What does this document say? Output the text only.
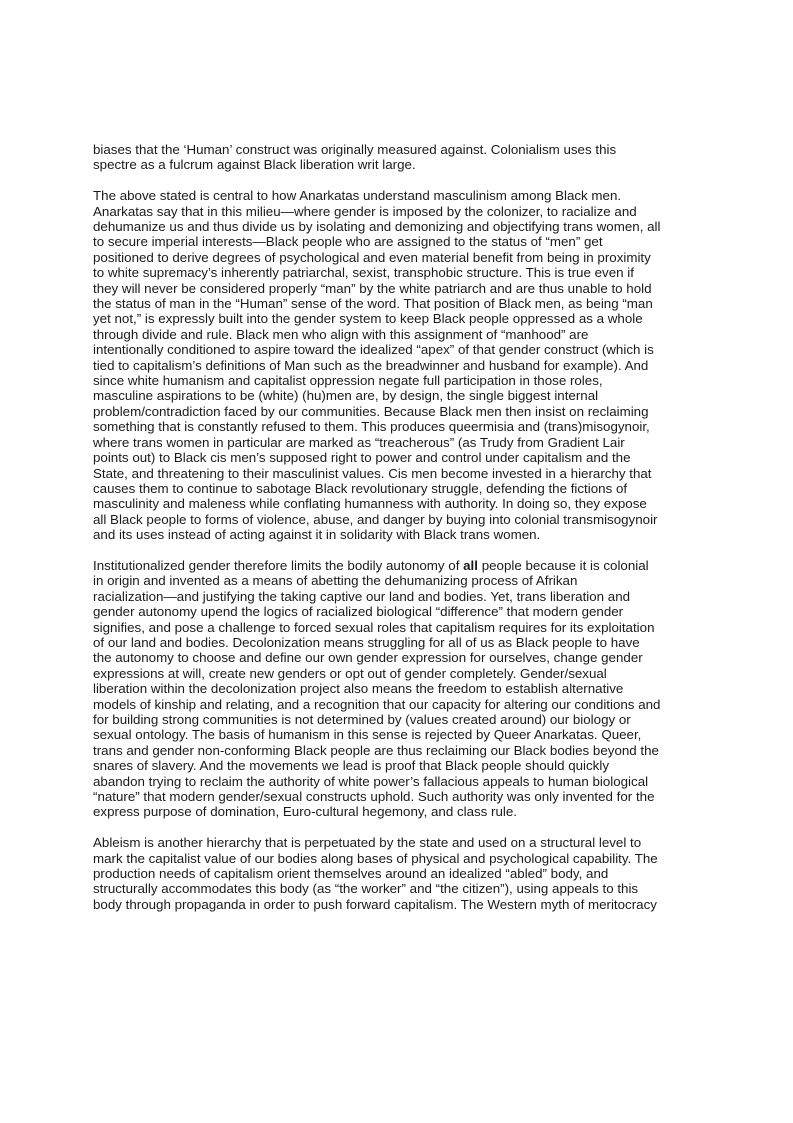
biases that the ‘Human’ construct was originally measured against. Colonialism uses this
spectre as a fulcrum against Black liberation writ large.

The above stated is central to how Anarkatas understand masculinism among Black men.
Anarkatas say that in this milieu—where gender is imposed by the colonizer, to racialize and
dehumanize us and thus divide us by isolating and demonizing and objectifying trans women, all
to secure imperial interests—Black people who are assigned to the status of “men” get
positioned to derive degrees of psychological and even material benefit from being in proximity
to white supremacy’s inherently patriarchal, sexist, transphobic structure. This is true even if
they will never be considered properly “man” by the white patriarch and are thus unable to hold
the status of man in the “Human” sense of the word. That position of Black men, as being “man
yet not,” is expressly built into the gender system to keep Black people oppressed as a whole
through divide and rule. Black men who align with this assignment of “manhood” are
intentionally conditioned to aspire toward the idealized “apex” of that gender construct (which is
tied to capitalism’s definitions of Man such as the breadwinner and husband for example). And
since white humanism and capitalist oppression negate full participation in those roles,
masculine aspirations to be (white) (hu)men are, by design, the single biggest internal
problem/contradiction faced by our communities. Because Black men then insist on reclaiming
something that is constantly refused to them. This produces queermisia and (trans)misogynoir,
where trans women in particular are marked as “treacherous” (as Trudy from Gradient Lair
points out) to Black cis men’s supposed right to power and control under capitalism and the
State, and threatening to their masculinist values. Cis men become invested in a hierarchy that
causes them to continue to sabotage Black revolutionary struggle, defending the fictions of
masculinity and maleness while conflating humanness with authority. In doing so, they expose
all Black people to forms of violence, abuse, and danger by buying into colonial transmisogynoir
and its uses instead of acting against it in solidarity with Black trans women.

Institutionalized gender therefore limits the bodily autonomy of all people because it is colonial
in origin and invented as a means of abetting the dehumanizing process of Afrikan
racialization—and justifying the taking captive our land and bodies. Yet, trans liberation and
gender autonomy upend the logics of racialized biological “difference” that modern gender
signifies, and pose a challenge to forced sexual roles that capitalism requires for its exploitation
of our land and bodies. Decolonization means struggling for all of us as Black people to have
the autonomy to choose and define our own gender expression for ourselves, change gender
expressions at will, create new genders or opt out of gender completely. Gender/sexual
liberation within the decolonization project also means the freedom to establish alternative
models of kinship and relating, and a recognition that our capacity for altering our conditions and
for building strong communities is not determined by (values created around) our biology or
sexual ontology. The basis of humanism in this sense is rejected by Queer Anarkatas. Queer,
trans and gender non-conforming Black people are thus reclaiming our Black bodies beyond the
snares of slavery. And the movements we lead is proof that Black people should quickly
abandon trying to reclaim the authority of white power’s fallacious appeals to human biological
“nature” that modern gender/sexual constructs uphold. Such authority was only invented for the
express purpose of domination, Euro-cultural hegemony, and class rule.

Ableism is another hierarchy that is perpetuated by the state and used on a structural level to
mark the capitalist value of our bodies along bases of physical and psychological capability. The
production needs of capitalism orient themselves around an idealized “abled” body, and
structurally accommodates this body (as “the worker” and “the citizen”), using appeals to this
body through propaganda in order to push forward capitalism. The Western myth of meritocracy
